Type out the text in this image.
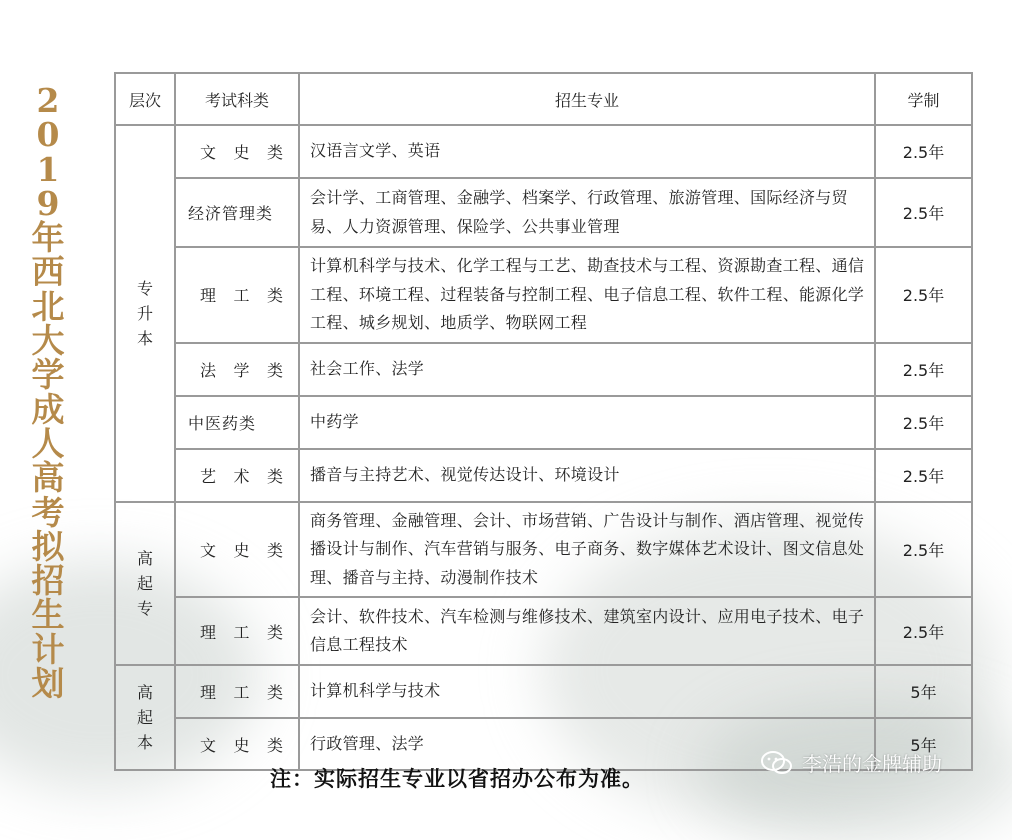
2019年西北大学成人高考拟招生计划
层次	考试科类	招生专业	学制

专
升
本	文 史 类	汉语言文学、英语	2.5年
	经济管理类	会计学、工商管理、金融学、档案学、行政管理、旅游管理、国际经济与贸易、人力资源管理、保险学、公共事业管理	2.5年

	理 工 类	计算机科学与技术、化学工程与工艺、勘查技术与工程、资源勘查工程、通信工程、环境工程、过程装备与控制工程、电子信息工程、软件工程、能源化学工程、城乡规划、地质学、物联网工程	2.5年

	法 学 类	社会工作、法学	2.5年
	中医药类	中药学	2.5年

	艺 术 类	播音与主持艺术、视觉传达设计、环境设计	2.5年

高
起
专	文 史 类	商务管理、金融管理、会计、市场营销、广告设计与制作、酒店管理、视觉传播设计与制作、汽车营销与服务、电子商务、数字媒体艺术设计、图文信息处理、播音与主持、动漫制作技术	2.5年

	理 工 类	会计、软件技术、汽车检测与维修技术、建筑室内设计、应用电子技术、电子信息工程技术	2.5年

高
起
本	理 工 类	计算机科学与技术	5年

	文 史 类	行政管理、法学	5年
注：实际招生专业以省招办公布为准。
李浩的金牌辅助
